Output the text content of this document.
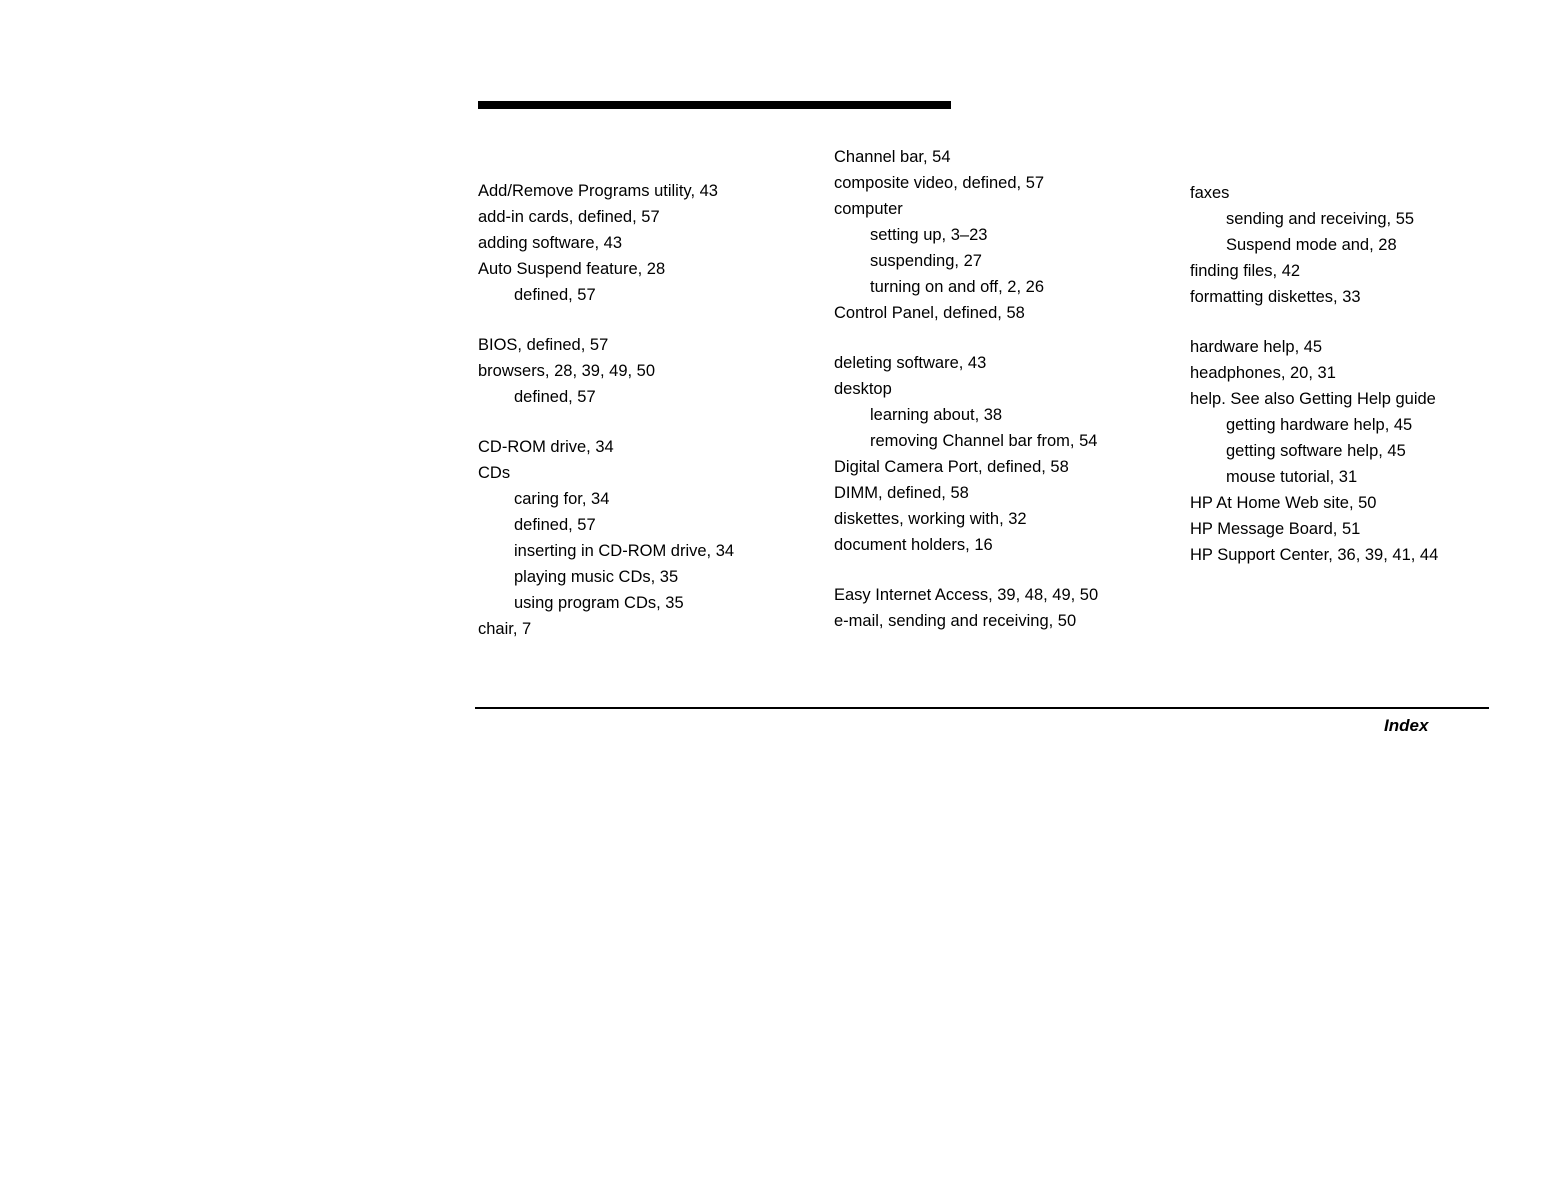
Add/Remove Programs utility, 43
add-in cards, defined, 57
adding software, 43
Auto Suspend feature, 28
defined, 57
BIOS, defined, 57
browsers, 28, 39, 49, 50
defined, 57
CD-ROM drive, 34
CDs
caring for, 34
defined, 57
inserting in CD-ROM drive, 34
playing music CDs, 35
using program CDs, 35
chair, 7
Channel bar, 54
composite video, defined, 57
computer
setting up, 3–23
suspending, 27
turning on and off, 2, 26
Control Panel, defined, 58
deleting software, 43
desktop
learning about, 38
removing Channel bar from, 54
Digital Camera Port, defined, 58
DIMM, defined, 58
diskettes, working with, 32
document holders, 16
Easy Internet Access, 39, 48, 49, 50
e-mail, sending and receiving, 50
faxes
sending and receiving, 55
Suspend mode and, 28
finding files, 42
formatting diskettes, 33
hardware help, 45
headphones, 20, 31
help. See also Getting Help guide
getting hardware help, 45
getting software help, 45
mouse tutorial, 31
HP At Home Web site, 50
HP Message Board, 51
HP Support Center, 36, 39, 41, 44
Index
